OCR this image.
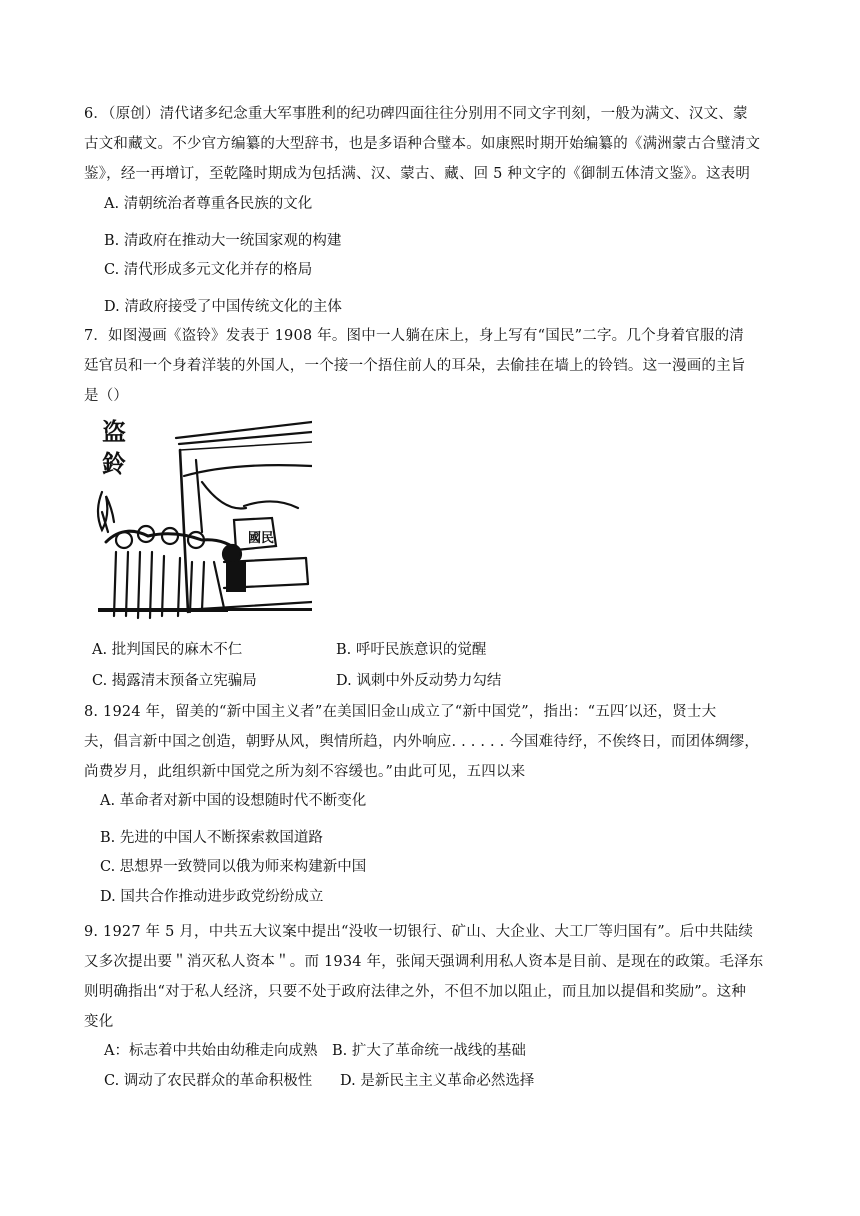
6．（原创）清代诸多纪念重大军事胜利的纪功碑四面往往分别用不同文字刊刻，一般为满文、汉文、蒙
古文和藏文。不少官方编纂的大型辞书，也是多语种合璧本。如康熙时期开始编纂的《满洲蒙古合璧清文
鉴》，经一再增订，至乾隆时期成为包括满、汉、蒙古、藏、回 5 种文字的《御制五体清文鉴》。这表明
A. 清朝统治者尊重各民族的文化
B. 清政府在推动大一统国家观的构建
C. 清代形成多元文化并存的格局
D. 清政府接受了中国传统文化的主体
7．如图漫画《盗铃》发表于 1908 年。图中一人躺在床上，身上写有“国民”二字。几个身着官服的清
廷官员和一个身着洋装的外国人，一个接一个捂住前人的耳朵，去偷挂在墙上的铃铛。这一漫画的主旨
是（）
盗
鈴
國民
A. 批判国民的麻木不仁	B. 呼吁民族意识的觉醒
C. 揭露清末预备立宪骗局	D. 讽刺中外反动势力勾结
8. 1924 年，留美的“新中国主义者”在美国旧金山成立了“新中国党”，指出：“五四′以还，贤士大
夫，倡言新中国之创造，朝野从风，舆情所趋，内外响应. . . . . . 今国难待纾，不俟终日，而团体绸缪，
尚费岁月，此组织新中国党之所为刻不容缓也。”由此可见，五四以来
A. 革命者对新中国的设想随时代不断变化
B. 先进的中国人不断探索救国道路
C. 思想界一致赞同以俄为师来构建新中国
D. 国共合作推动进步政党纷纷成立
9. 1927 年 5 月，中共五大议案中提出“没收一切银行、矿山、大企业、大工厂等归国有”。后中共陆续
又多次提出要＂消灭私人资本＂。而 1934 年，张闻天强调利用私人资本是目前、是现在的政策。毛泽东
则明确指出“对于私人经济，只要不处于政府法律之外，不但不加以阻止，而且加以提倡和奖励”。这种
变化
A：标志着中共始由幼稚走向成熟 B. 扩大了革命统一战线的基础
C. 调动了农民群众的革命积极性 D. 是新民主主义革命必然选择
